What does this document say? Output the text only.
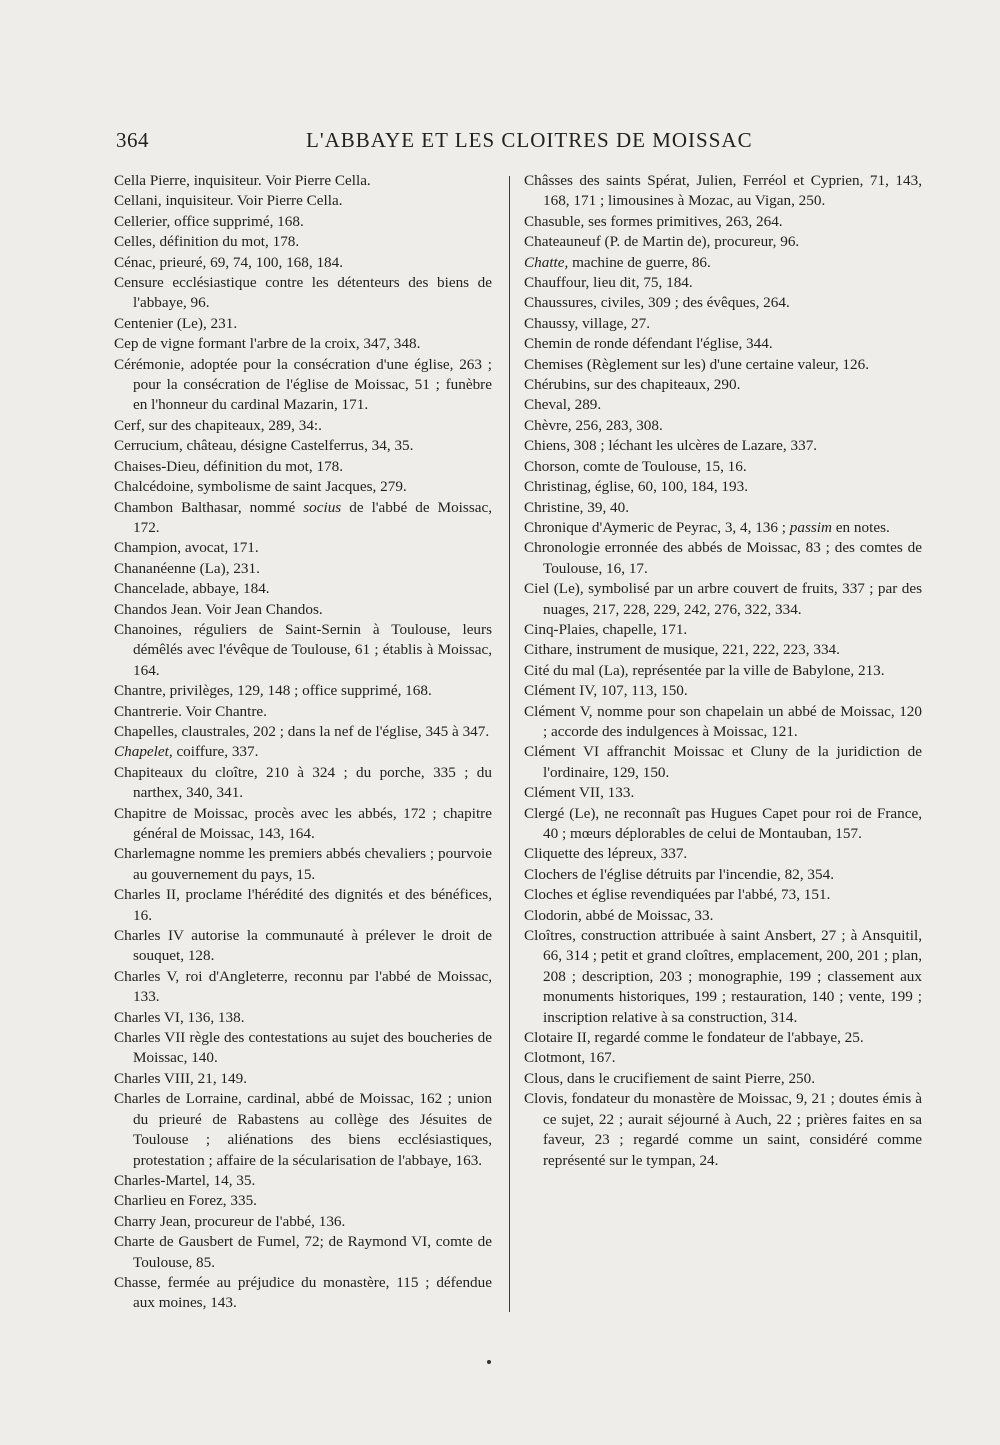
364	L'ABBAYE ET LES CLOITRES DE MOISSAC

Cella Pierre, inquisiteur. Voir Pierre Cella.

Cellani, inquisiteur. Voir Pierre Cella.

Cellerier, office supprimé, 168.

Celles, définition du mot, 178.

Cénac, prieuré, 69, 74, 100, 168, 184.

Censure ecclésiastique contre les détenteurs des biens de l'abbaye, 96.

Centenier (Le), 231.

Cep de vigne formant l'arbre de la croix, 347, 348.

Cérémonie, adoptée pour la consécration d'une église, 263 ; pour la consécration de l'église de Moissac, 51 ; funèbre en l'honneur du cardinal Mazarin, 171.

Cerf, sur des chapiteaux, 289, 34:.

Cerrucium, château, désigne Castelferrus, 34, 35.

Chaises-Dieu, définition du mot, 178.

Chalcédoine, symbolisme de saint Jacques, 279.

Chambon Balthasar, nommé socius de l'abbé de Moissac, 172.

Champion, avocat, 171.

Chananéenne (La), 231.

Chancelade, abbaye, 184.

Chandos Jean. Voir Jean Chandos.

Chanoines, réguliers de Saint-Sernin à Toulouse, leurs démêlés avec l'évêque de Toulouse, 61 ; établis à Moissac, 164.

Chantre, privilèges, 129, 148 ; office supprimé, 168.

Chantrerie. Voir Chantre.

Chapelles, claustrales, 202 ; dans la nef de l'église, 345 à 347.

Chapelet, coiffure, 337.

Chapiteaux du cloître, 210 à 324 ; du porche, 335 ; du narthex, 340, 341.

Chapitre de Moissac, procès avec les abbés, 172 ; chapitre général de Moissac, 143, 164.

Charlemagne nomme les premiers abbés chevaliers ; pourvoie au gouvernement du pays, 15.

Charles II, proclame l'hérédité des dignités et des bénéfices, 16.

Charles IV autorise la communauté à prélever le droit de souquet, 128.

Charles V, roi d'Angleterre, reconnu par l'abbé de Moissac, 133.

Charles VI, 136, 138.

Charles VII règle des contestations au sujet des boucheries de Moissac, 140.

Charles VIII, 21, 149.

Charles de Lorraine, cardinal, abbé de Moissac, 162 ; union du prieuré de Rabastens au collège des Jésuites de Toulouse ; aliénations des biens ecclésiastiques, protestation ; affaire de la sécularisation de l'abbaye, 163.

Charles-Martel, 14, 35.

Charlieu en Forez, 335.

Charry Jean, procureur de l'abbé, 136.

Charte de Gausbert de Fumel, 72; de Raymond VI, comte de Toulouse, 85.

Chasse, fermée au préjudice du monastère, 115 ; défendue aux moines, 143.

Châsses des saints Spérat, Julien, Ferréol et Cyprien, 71, 143, 168, 171 ; limousines à Mozac, au Vigan, 250.

Chasuble, ses formes primitives, 263, 264.

Chateauneuf (P. de Martin de), procureur, 96.

Chatte, machine de guerre, 86.

Chauffour, lieu dit, 75, 184.

Chaussures, civiles, 309 ; des évêques, 264.

Chaussy, village, 27.

Chemin de ronde défendant l'église, 344.

Chemises (Règlement sur les) d'une certaine valeur, 126.

Chérubins, sur des chapiteaux, 290.

Cheval, 289.

Chèvre, 256, 283, 308.

Chiens, 308 ; léchant les ulcères de Lazare, 337.

Chorson, comte de Toulouse, 15, 16.

Christinag, église, 60, 100, 184, 193.

Christine, 39, 40.

Chronique d'Aymeric de Peyrac, 3, 4, 136 ; passim en notes.

Chronologie erronnée des abbés de Moissac, 83 ; des comtes de Toulouse, 16, 17.

Ciel (Le), symbolisé par un arbre couvert de fruits, 337 ; par des nuages, 217, 228, 229, 242, 276, 322, 334.

Cinq-Plaies, chapelle, 171.

Cithare, instrument de musique, 221, 222, 223, 334.

Cité du mal (La), représentée par la ville de Babylone, 213.

Clément IV, 107, 113, 150.

Clément V, nomme pour son chapelain un abbé de Moissac, 120 ; accorde des indulgences à Moissac, 121.

Clément VI affranchit Moissac et Cluny de la juridiction de l'ordinaire, 129, 150.

Clément VII, 133.

Clergé (Le), ne reconnaît pas Hugues Capet pour roi de France, 40 ; mœurs déplorables de celui de Montauban, 157.

Cliquette des lépreux, 337.

Clochers de l'église détruits par l'incendie, 82, 354.

Cloches et église revendiquées par l'abbé, 73, 151.

Clodorin, abbé de Moissac, 33.

Cloîtres, construction attribuée à saint Ansbert, 27 ; à Ansquitil, 66, 314 ; petit et grand cloîtres, emplacement, 200, 201 ; plan, 208 ; description, 203 ; monographie, 199 ; classement aux monuments historiques, 199 ; restauration, 140 ; vente, 199 ; inscription relative à sa construction, 314.

Clotaire II, regardé comme le fondateur de l'abbaye, 25.

Clotmont, 167.

Clous, dans le crucifiement de saint Pierre, 250.

Clovis, fondateur du monastère de Moissac, 9, 21 ; doutes émis à ce sujet, 22 ; aurait séjourné à Auch, 22 ; prières faites en sa faveur, 23 ; regardé comme un saint, considéré comme représenté sur le tympan, 24.
